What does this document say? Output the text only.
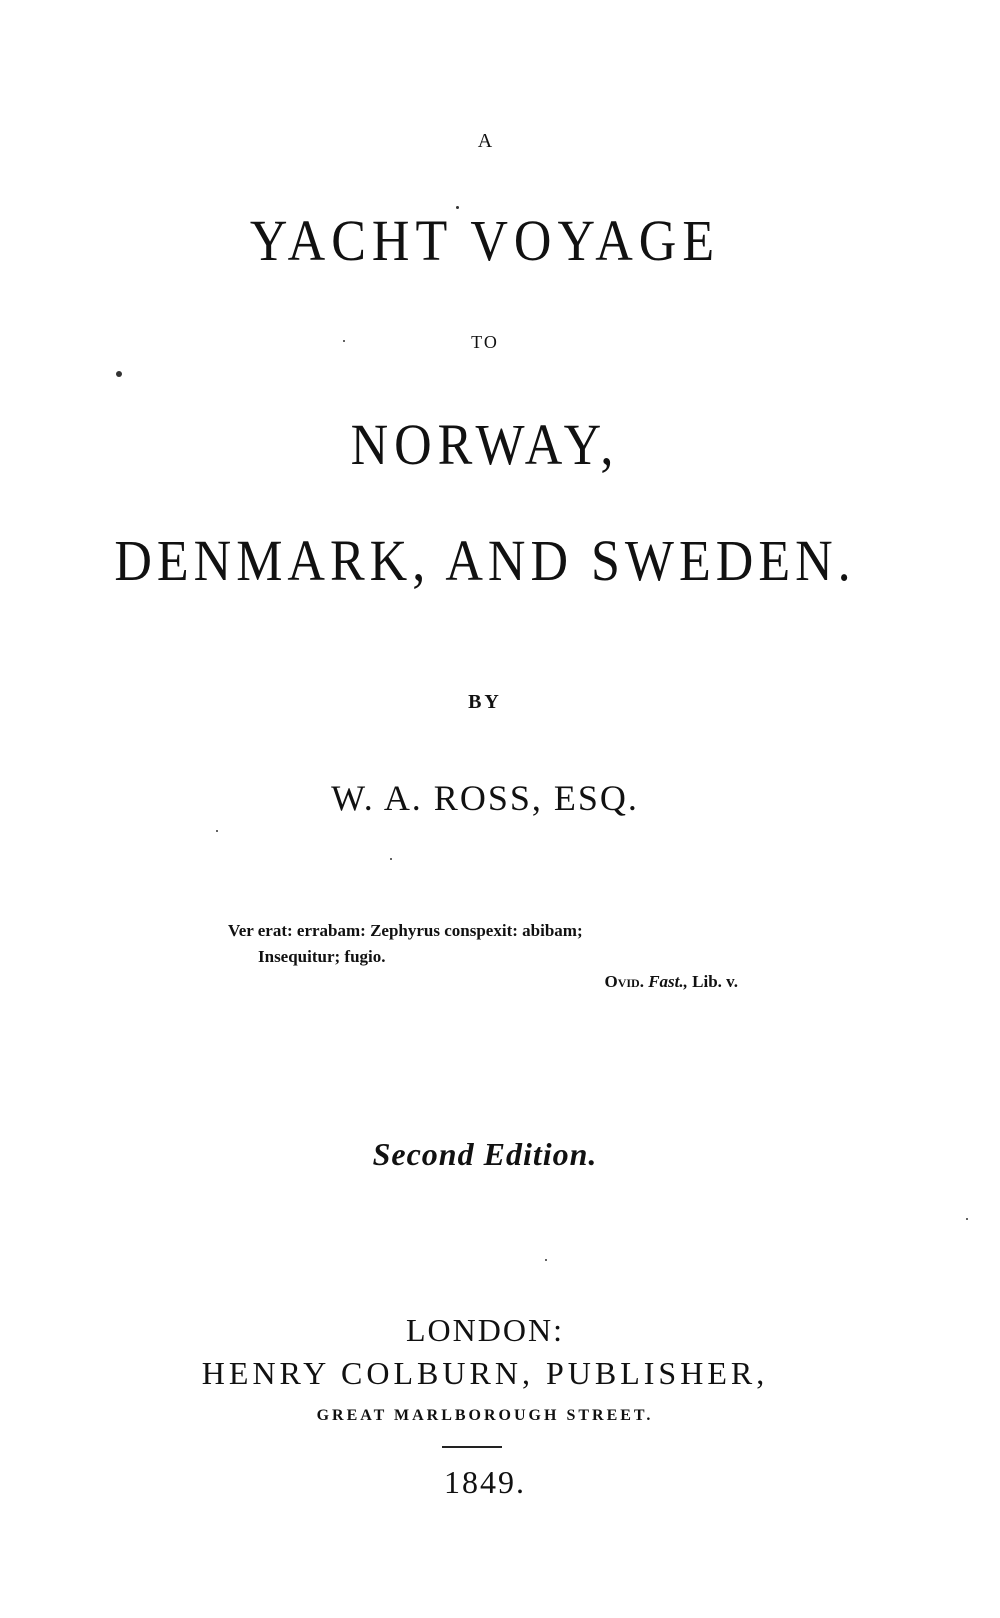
A
YACHT VOYAGE
TO
NORWAY,
DENMARK, AND SWEDEN.
BY
W. A. ROSS, ESQ.
Ver erat: errabam: Zephyrus conspexit: abibam;
Insequitur; fugio.
Ovid. Fast., Lib. v.
Second Edition.
LONDON:
HENRY COLBURN, PUBLISHER,
GREAT MARLBOROUGH STREET.
1849.
